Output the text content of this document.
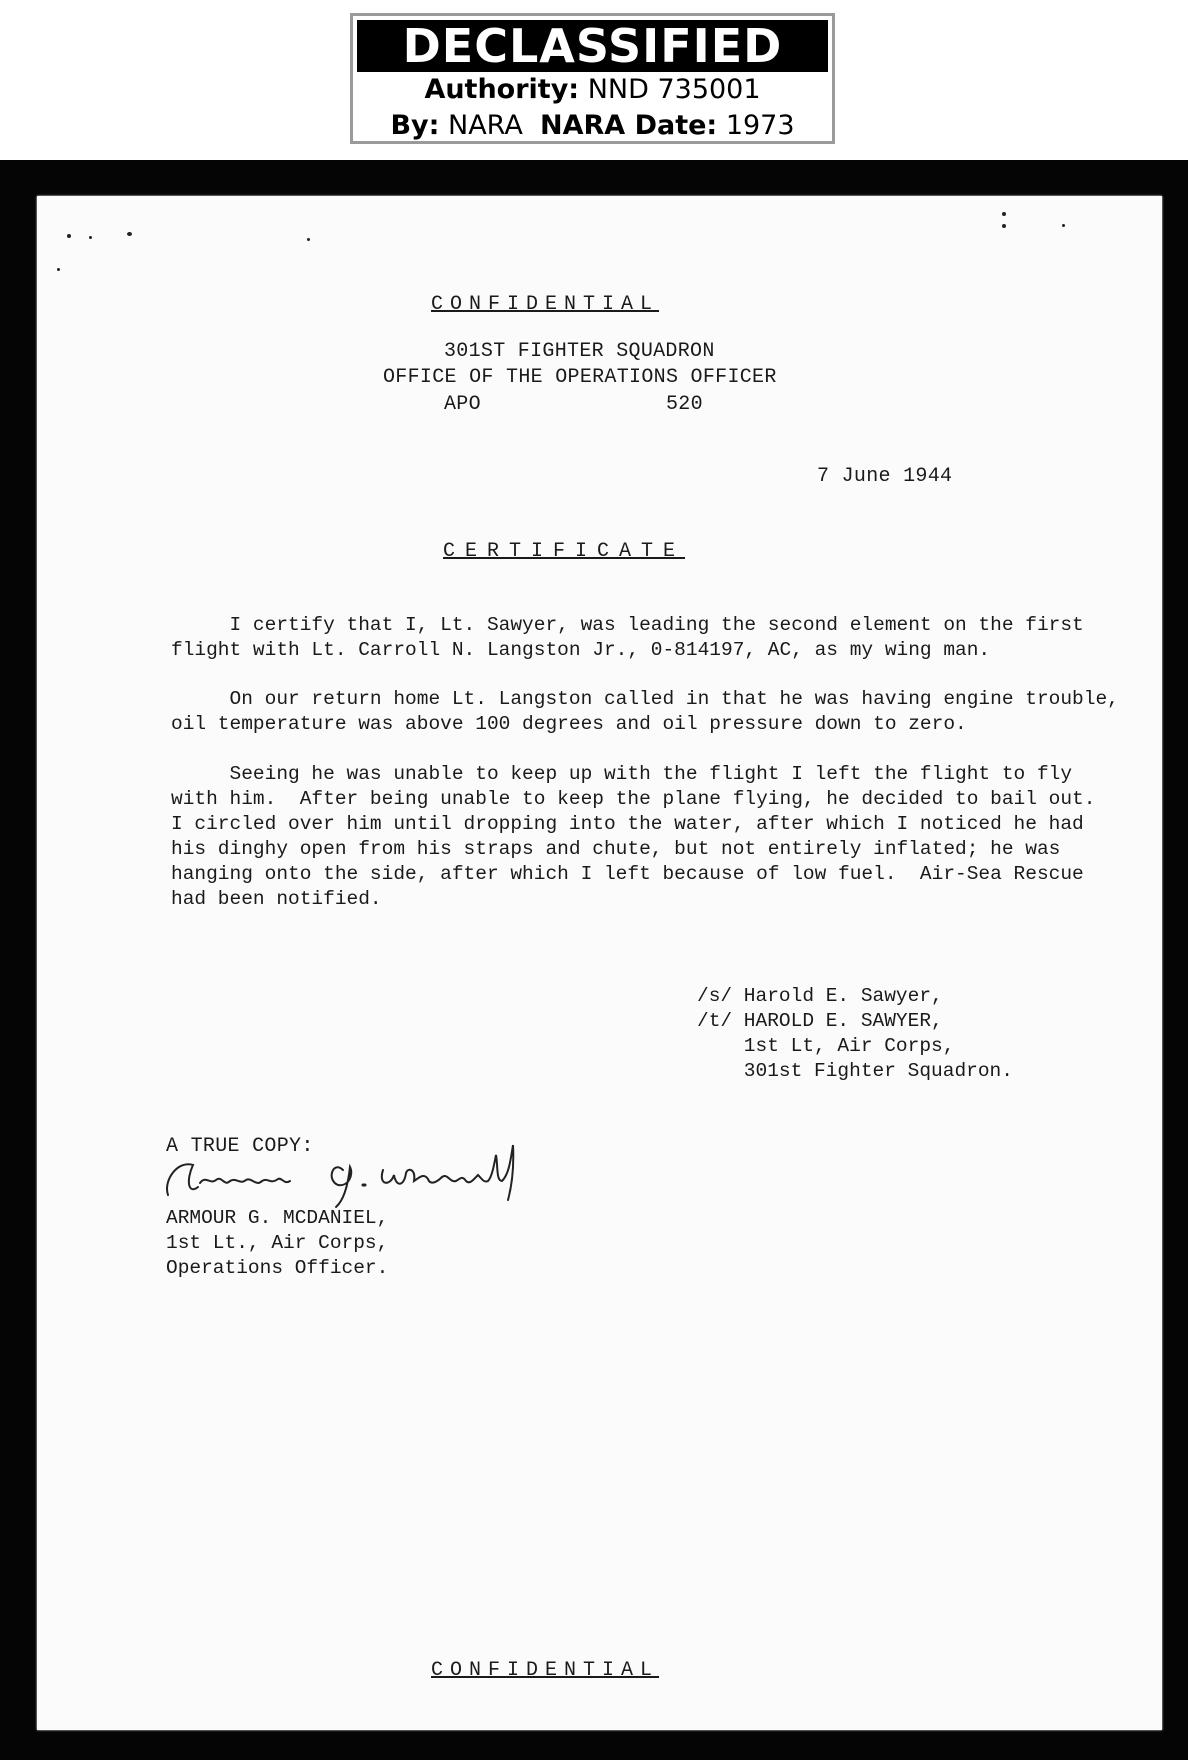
DECLASSIFIED
Authority: NND 735001
By: NARA NARA Date: 1973
CONFIDENTIAL
301ST FIGHTER SQUADRON
OFFICE OF THE OPERATIONS OFFICER
APO	520
7 June 1944
CERTIFICATE
I certify that I, Lt. Sawyer, was leading the second element on the first
flight with Lt. Carroll N. Langston Jr., 0-814197, AC, as my wing man.
On our return home Lt. Langston called in that he was having engine trouble,
oil temperature was above 100 degrees and oil pressure down to zero.
Seeing he was unable to keep up with the flight I left the flight to fly
with him.  After being unable to keep the plane flying, he decided to bail out.
I circled over him until dropping into the water, after which I noticed he had
his dinghy open from his straps and chute, but not entirely inflated; he was
hanging onto the side, after which I left because of low fuel.  Air-Sea Rescue
had been notified.
/s/ Harold E. Sawyer,
/t/ HAROLD E. SAWYER,
1st Lt, Air Corps,
301st Fighter Squadron.
A TRUE COPY:
ARMOUR G. MCDANIEL,
1st Lt., Air Corps,
Operations Officer.
CONFIDENTIAL
